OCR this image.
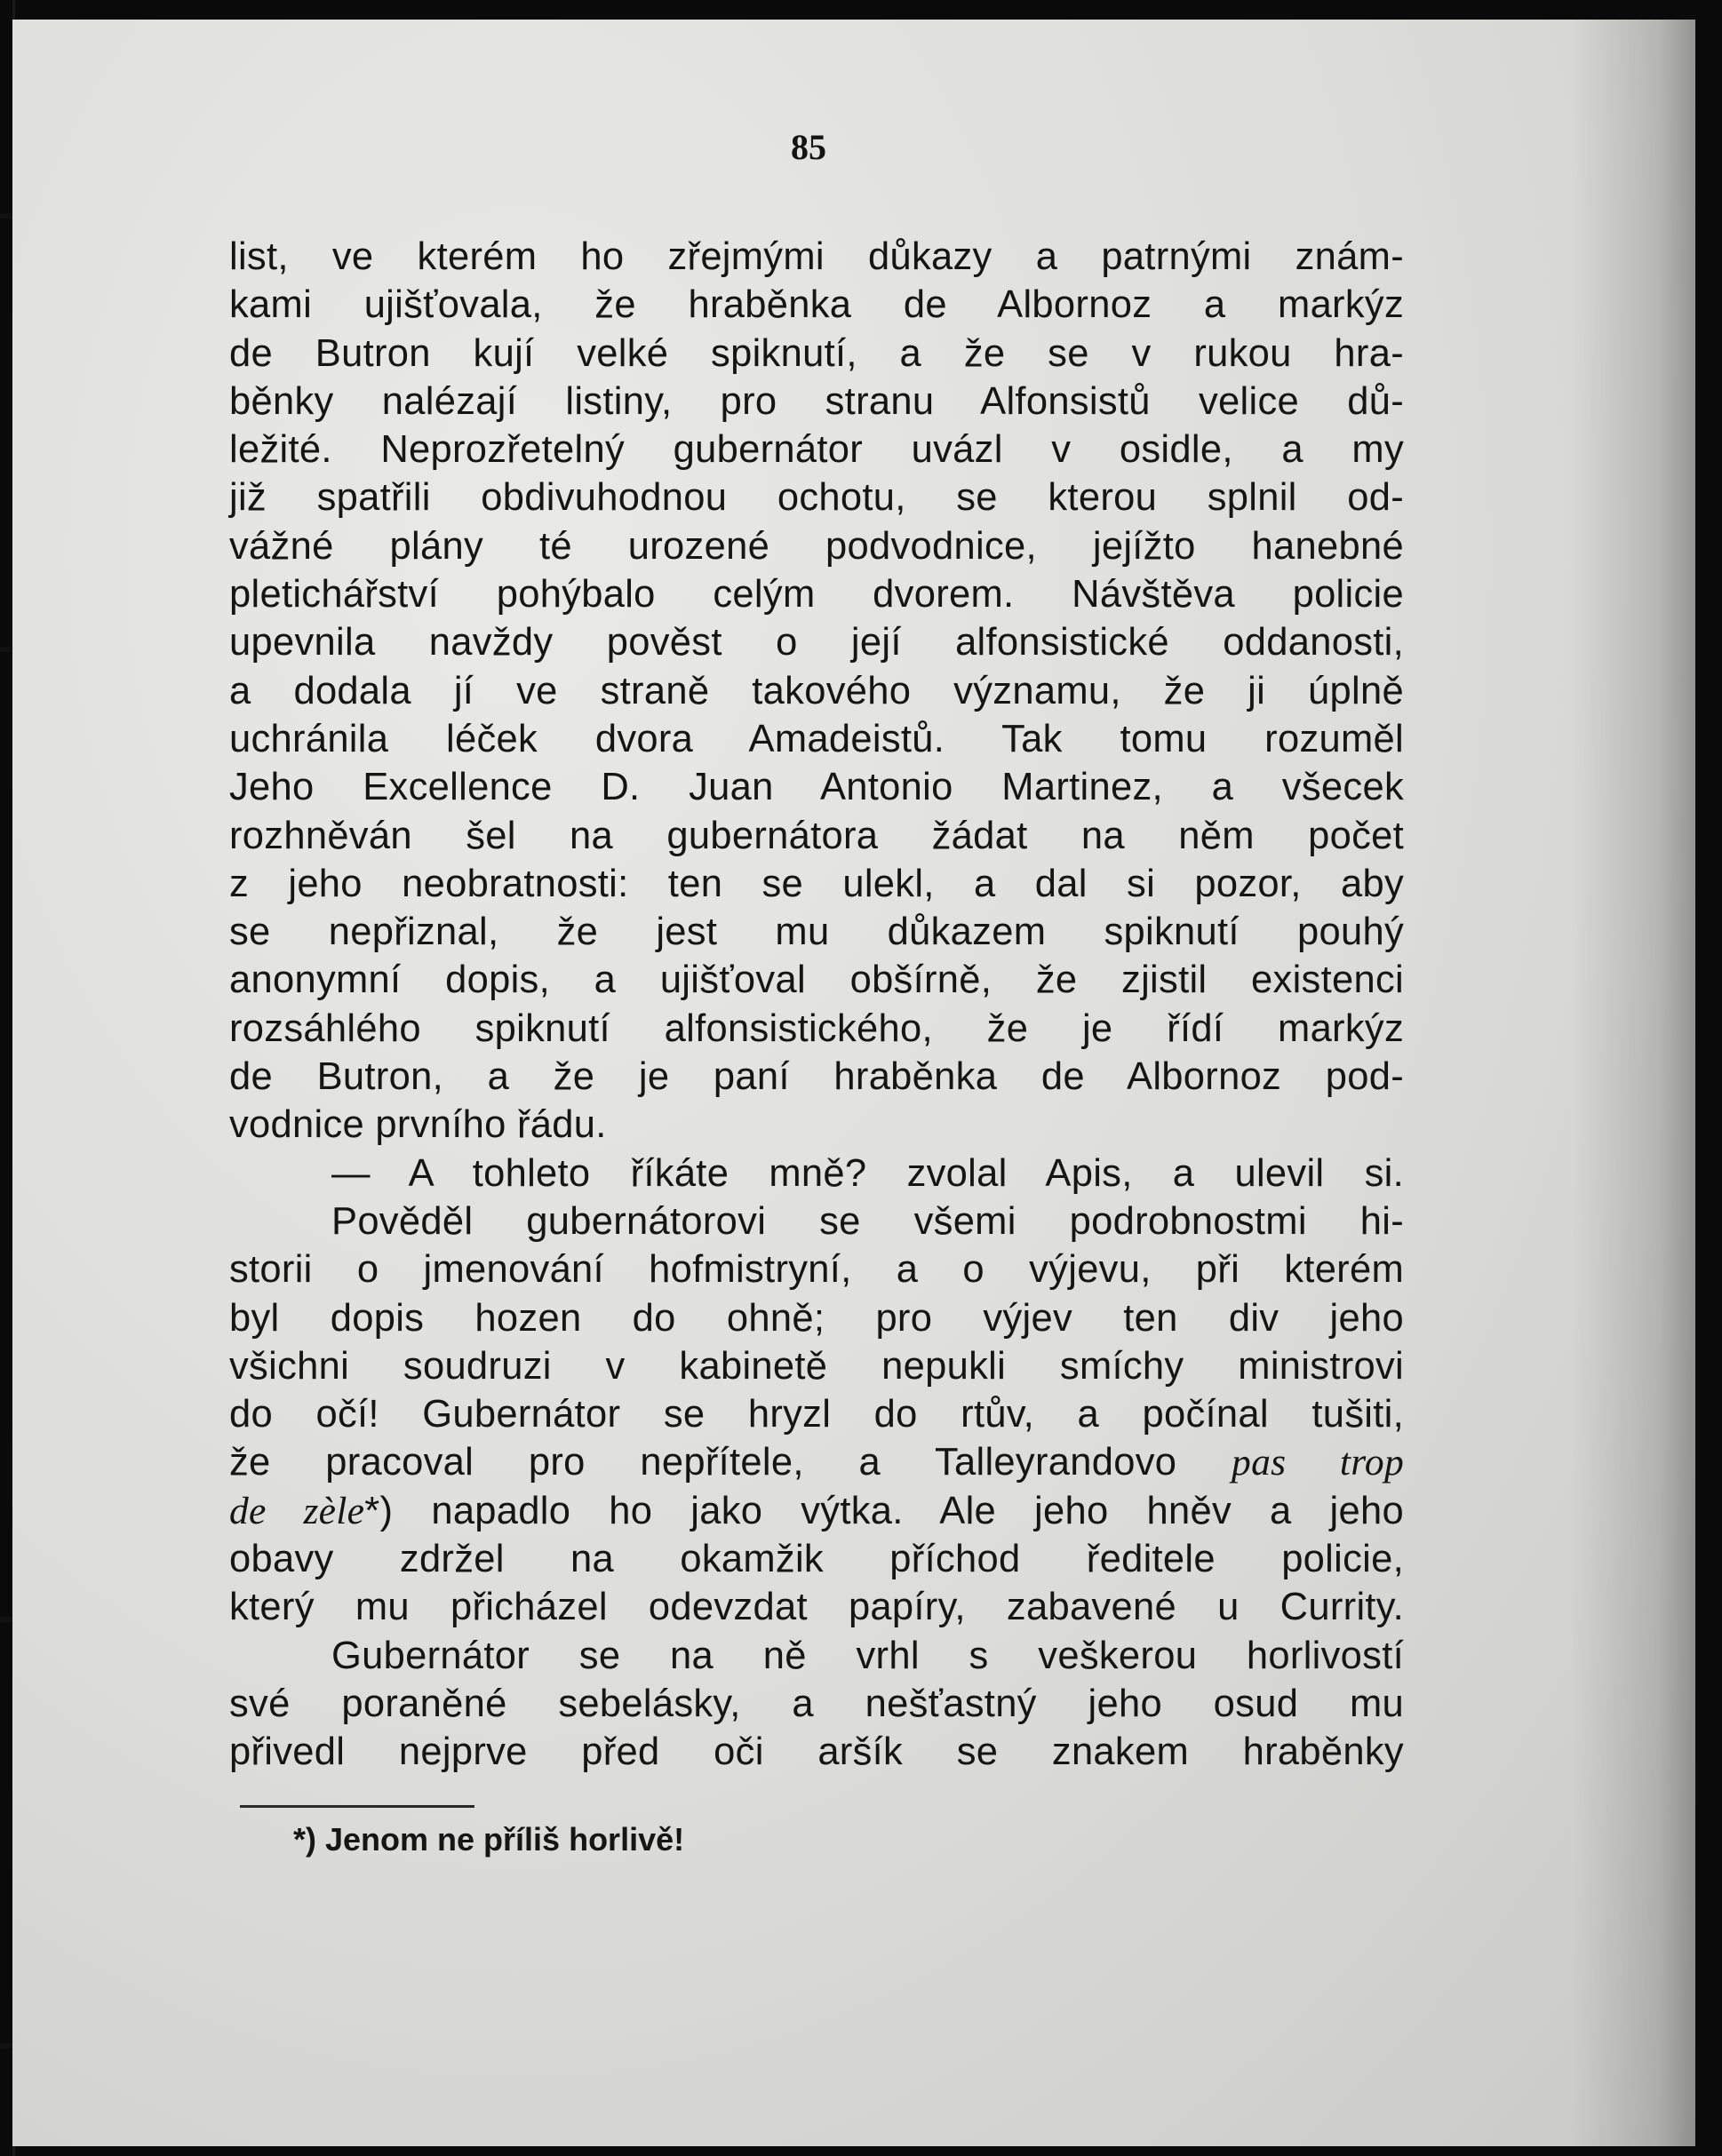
85
list, ve kterém ho zřejmými důkazy a patrnými znám-
kami ujišťovala, že hraběnka de Albornoz a markýz
de Butron kují velké spiknutí, a že se v rukou hra-
běnky nalézají listiny, pro stranu Alfonsistů velice dů-
ležité. Neprozřetelný gubernátor uvázl v osidle, a my
již spatřili obdivuhodnou ochotu, se kterou splnil od-
vážné plány té urozené podvodnice, jejížto hanebné
pletichářství pohýbalo celým dvorem. Návštěva policie
upevnila navždy pověst o její alfonsistické oddanosti,
a dodala jí ve straně takového významu, že ji úplně
uchránila léček dvora Amadeistů. Tak tomu rozuměl
Jeho Excellence D. Juan Antonio Martinez, a všecek
rozhněván šel na gubernátora žádat na něm počet
z jeho neobratnosti: ten se ulekl, a dal si pozor, aby
se nepřiznal, že jest mu důkazem spiknutí pouhý
anonymní dopis, a ujišťoval obšírně, že zjistil existenci
rozsáhlého spiknutí alfonsistického, že je řídí markýz
de Butron, a že je paní hraběnka de Albornoz pod-
vodnice prvního řádu.
— A tohleto říkáte mně? zvolal Apis, a ulevil si.
Pověděl gubernátorovi se všemi podrobnostmi hi-
storii o jmenování hofmistryní, a o výjevu, při kterém
byl dopis hozen do ohně; pro výjev ten div jeho
všichni soudruzi v kabinetě nepukli smíchy ministrovi
do očí! Gubernátor se hryzl do rtův, a počínal tušiti,
že pracoval pro nepřítele, a Talleyrandovo pas trop
de zèle*) napadlo ho jako výtka. Ale jeho hněv a jeho
obavy zdržel na okamžik příchod ředitele policie,
který mu přicházel odevzdat papíry, zabavené u Currity.
Gubernátor se na ně vrhl s veškerou horlivostí
své poraněné sebelásky, a nešťastný jeho osud mu
přivedl nejprve před oči aršík se znakem hraběnky
*) Jenom ne příliš horlivě!
